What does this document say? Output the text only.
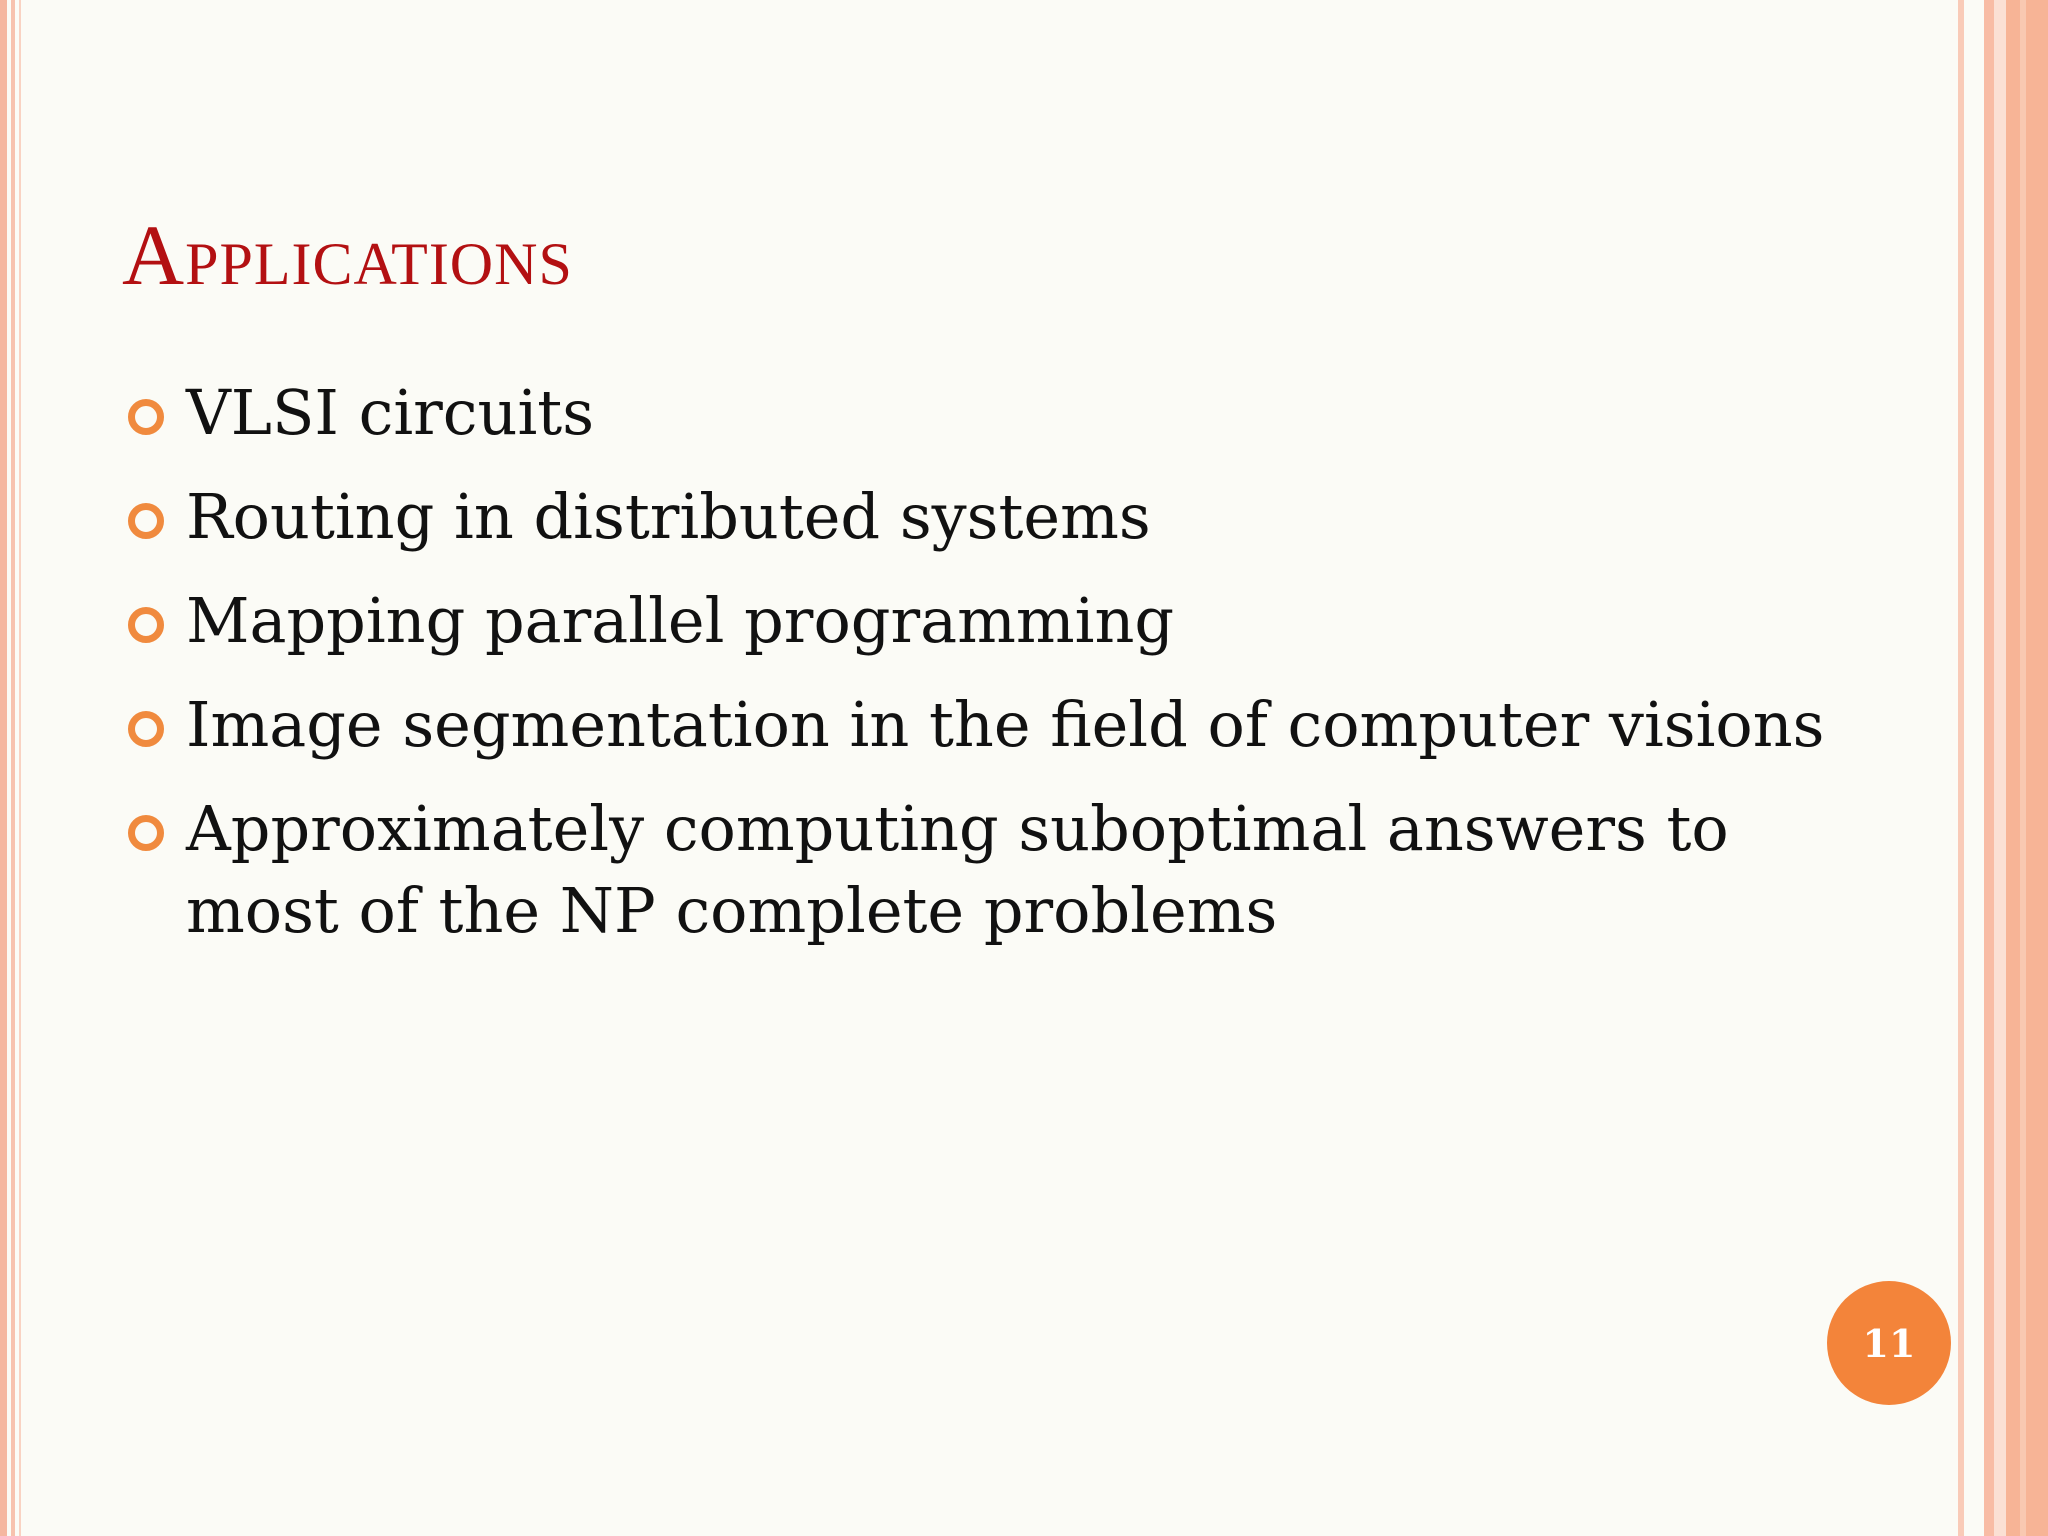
Applications
VLSI circuits
Routing in distributed systems
Mapping parallel programming
Image segmentation in the field of computer visions
Approximately computing suboptimal answers to most of the NP complete problems
11
